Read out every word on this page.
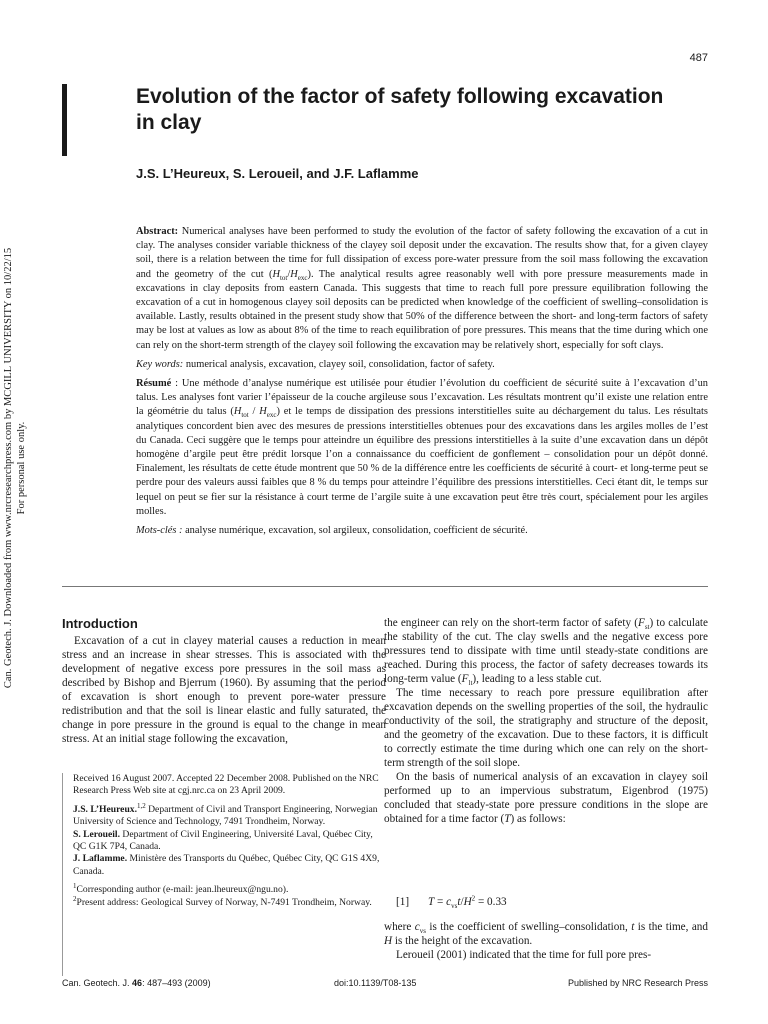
487
Can. Geotech. J. Downloaded from www.nrcresearchpress.com by MCGILL UNIVERSITY on 10/22/15 For personal use only.
Evolution of the factor of safety following excavation in clay
J.S. L’Heureux, S. Leroueil, and J.F. Laflamme

Abstract: Numerical analyses have been performed to study the evolution of the factor of safety following the excavation of a cut in clay. The analyses consider variable thickness of the clayey soil deposit under the excavation. The results show that, for a given clayey soil, there is a relation between the time for full dissipation of excess pore-water pressure from the soil mass following the excavation and the geometry of the cut $(H_{tot}/H_{exc})$. The analytical results agree reasonably well with pore pressure measurements made in excavations in clay deposits from eastern Canada. This suggests that time to reach full pore pressure equilibration following the excavation of a cut in homogenous clayey soil deposits can be predicted when knowledge of the coefficient of swelling–consolidation is available. Lastly, results obtained in the present study show that 50% of the difference between the short- and long-term factors of safety may be lost at values as low as about 8% of the time to reach equilibration of pore pressures. This means that the time during which one can rely on the short-term strength of the clayey soil following the excavation may be relatively short, especially for soft clays.

Key words: numerical analysis, excavation, clayey soil, consolidation, factor of safety.

Résumé : Une méthode d’analyse numérique est utilisée pour étudier l’évolution du coefficient de sécurité suite à l’excavation d’un talus. Les analyses font varier l’épaisseur de la couche argileuse sous l’excavation. Les résultats montrent qu’il existe une relation entre la géométrie du talus $(H_{tot} / H_{exc})$ et le temps de dissipation des pressions interstitielles suite au déchargement du talus. Les résultats analytiques concordent bien avec des mesures de pressions interstitielles obtenues pour des excavations dans les argiles molles de l’est du Canada. Ceci suggère que le temps pour atteindre un équilibre des pressions interstitielles à la suite d’une excavation dans un dépôt homogène d’argile peut être prédit lorsque l’on a connaissance du coefficient de gonflement – consolidation pour un dépôt donné. Finalement, les résultats de cette étude montrent que 50 % de la différence entre les coefficients de sécurité à court- et long-terme peut se perdre pour des valeurs aussi faibles que 8 % du temps pour atteindre l’équilibre des pressions interstitielles. Ceci étant dit, le temps sur lequel on peut se fier sur la résistance à court terme de l’argile suite à une excavation peut être très court, spécialement pour les argiles molles.

Mots-clés : analyse numérique, excavation, sol argileux, consolidation, coefficient de sécurité.

Introduction

Excavation of a cut in clayey material causes a reduction in mean stress and an increase in shear stresses. This is associated with the development of negative excess pore pressures in the soil mass as described by Bishop and Bjerrum (1960). By assuming that the period of excavation is short enough to prevent pore-water pressure redistribution and that the soil is linear elastic and fully saturated, the change in pore pressure in the ground is equal to the change in mean stress. At an initial stage following the excavation,

Received 16 August 2007. Accepted 22 December 2008. Published on the NRC Research Press Web site at cgj.nrc.ca on 23 April 2009.

J.S. L’Heureux.$^{1,2}$ Department of Civil and Transport Engineering, Norwegian University of Science and Technology, 7491 Trondheim, Norway.

S. Leroueil. Department of Civil Engineering, Université Laval, Québec City, QC G1K 7P4, Canada.

J. Laflamme. Ministère des Transports du Québec, Québec City, QC G1S 4X9, Canada.

$^1$Corresponding author (e-mail: jean.lheureux@ngu.no).

$^2$Present address: Geological Survey of Norway, N-7491 Trondheim, Norway.

the engineer can rely on the short-term factor of safety $(F_{st})$ to calculate the stability of the cut. The clay swells and the negative excess pore pressures tend to dissipate with time until steady-state conditions are reached. During this process, the factor of safety decreases towards its long-term value $(F_{lt})$, leading to a less stable cut.

The time necessary to reach pore pressure equilibration after excavation depends on the swelling properties of the soil, the hydraulic conductivity of the soil, the stratigraphy and structure of the deposit, and the geometry of the excavation. Due to these factors, it is difficult to correctly estimate the time during which one can rely on the short-term strength of the soil slope.

On the basis of numerical analysis of an excavation in clayey soil performed up to an impervious substratum, Eigenbrod (1975) concluded that steady-state pore pressure conditions in the slope are obtained for a time factor (T) as follows:

[1] $T = c_{vs}t/H^2 = 0.33$

where $c_{vs}$ is the coefficient of swelling–consolidation, t is the time, and H is the height of the excavation.

Leroueil (2001) indicated that the time for full pore pres-

Can. Geotech. J. 46: 487–493 (2009)	doi:10.1139/T08-135	Published by NRC Research Press
